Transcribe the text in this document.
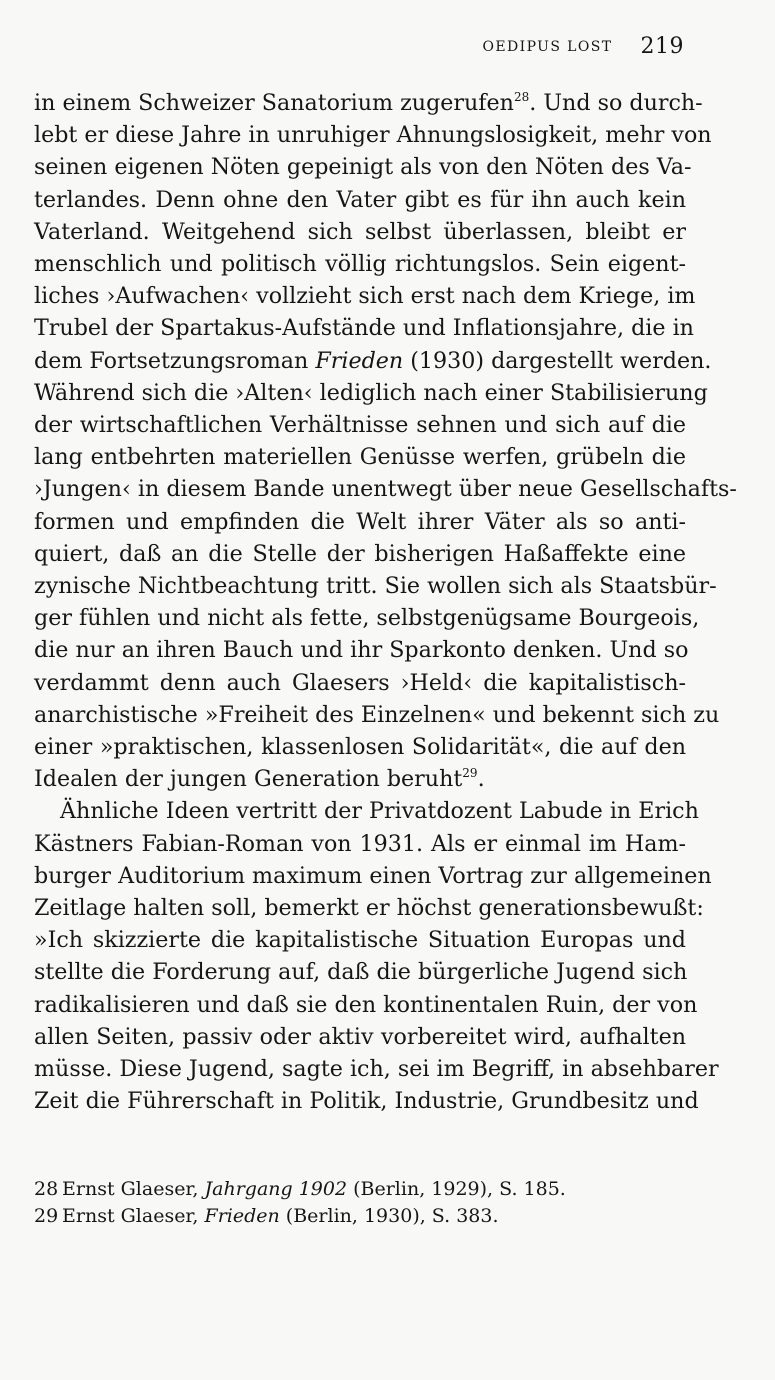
OEDIPUS LOST 219

in einem Schweizer Sanatorium zugerufen$^{28}$. Und so durch-
lebt er diese Jahre in unruhiger Ahnungslosigkeit, mehr von
seinen eigenen Nöten gepeinigt als von den Nöten des Va-
terlandes. Denn ohne den Vater gibt es für ihn auch kein
Vaterland. Weitgehend sich selbst überlassen, bleibt er
menschlich und politisch völlig richtungslos. Sein eigent-
liches ›Aufwachen‹ vollzieht sich erst nach dem Kriege, im
Trubel der Spartakus-Aufstände und Inflationsjahre, die in
dem Fortsetzungsroman Frieden (1930) dargestellt werden.
Während sich die ›Alten‹ lediglich nach einer Stabilisierung
der wirtschaftlichen Verhältnisse sehnen und sich auf die
lang entbehrten materiellen Genüsse werfen, grübeln die
›Jungen‹ in diesem Bande unentwegt über neue Gesellschafts-
formen und empfinden die Welt ihrer Väter als so anti-
quiert, daß an die Stelle der bisherigen Haßaffekte eine
zynische Nichtbeachtung tritt. Sie wollen sich als Staatsbür-
ger fühlen und nicht als fette, selbstgenügsame Bourgeois,
die nur an ihren Bauch und ihr Sparkonto denken. Und so
verdammt denn auch Glaesers ›Held‹ die kapitalistisch-
anarchistische »Freiheit des Einzelnen« und bekennt sich zu
einer »praktischen, klassenlosen Solidarität«, die auf den
Idealen der jungen Generation beruht$^{29}$.

Ähnliche Ideen vertritt der Privatdozent Labude in Erich
Kästners Fabian-Roman von 1931. Als er einmal im Ham-
burger Auditorium maximum einen Vortrag zur allgemeinen
Zeitlage halten soll, bemerkt er höchst generationsbewußt:
»Ich skizzierte die kapitalistische Situation Europas und
stellte die Forderung auf, daß die bürgerliche Jugend sich
radikalisieren und daß sie den kontinentalen Ruin, der von
allen Seiten, passiv oder aktiv vorbereitet wird, aufhalten
müsse. Diese Jugend, sagte ich, sei im Begriff, in absehbarer
Zeit die Führerschaft in Politik, Industrie, Grundbesitz und

28 Ernst Glaeser, Jahrgang 1902 (Berlin, 1929), S. 185.
29 Ernst Glaeser, Frieden (Berlin, 1930), S. 383.
